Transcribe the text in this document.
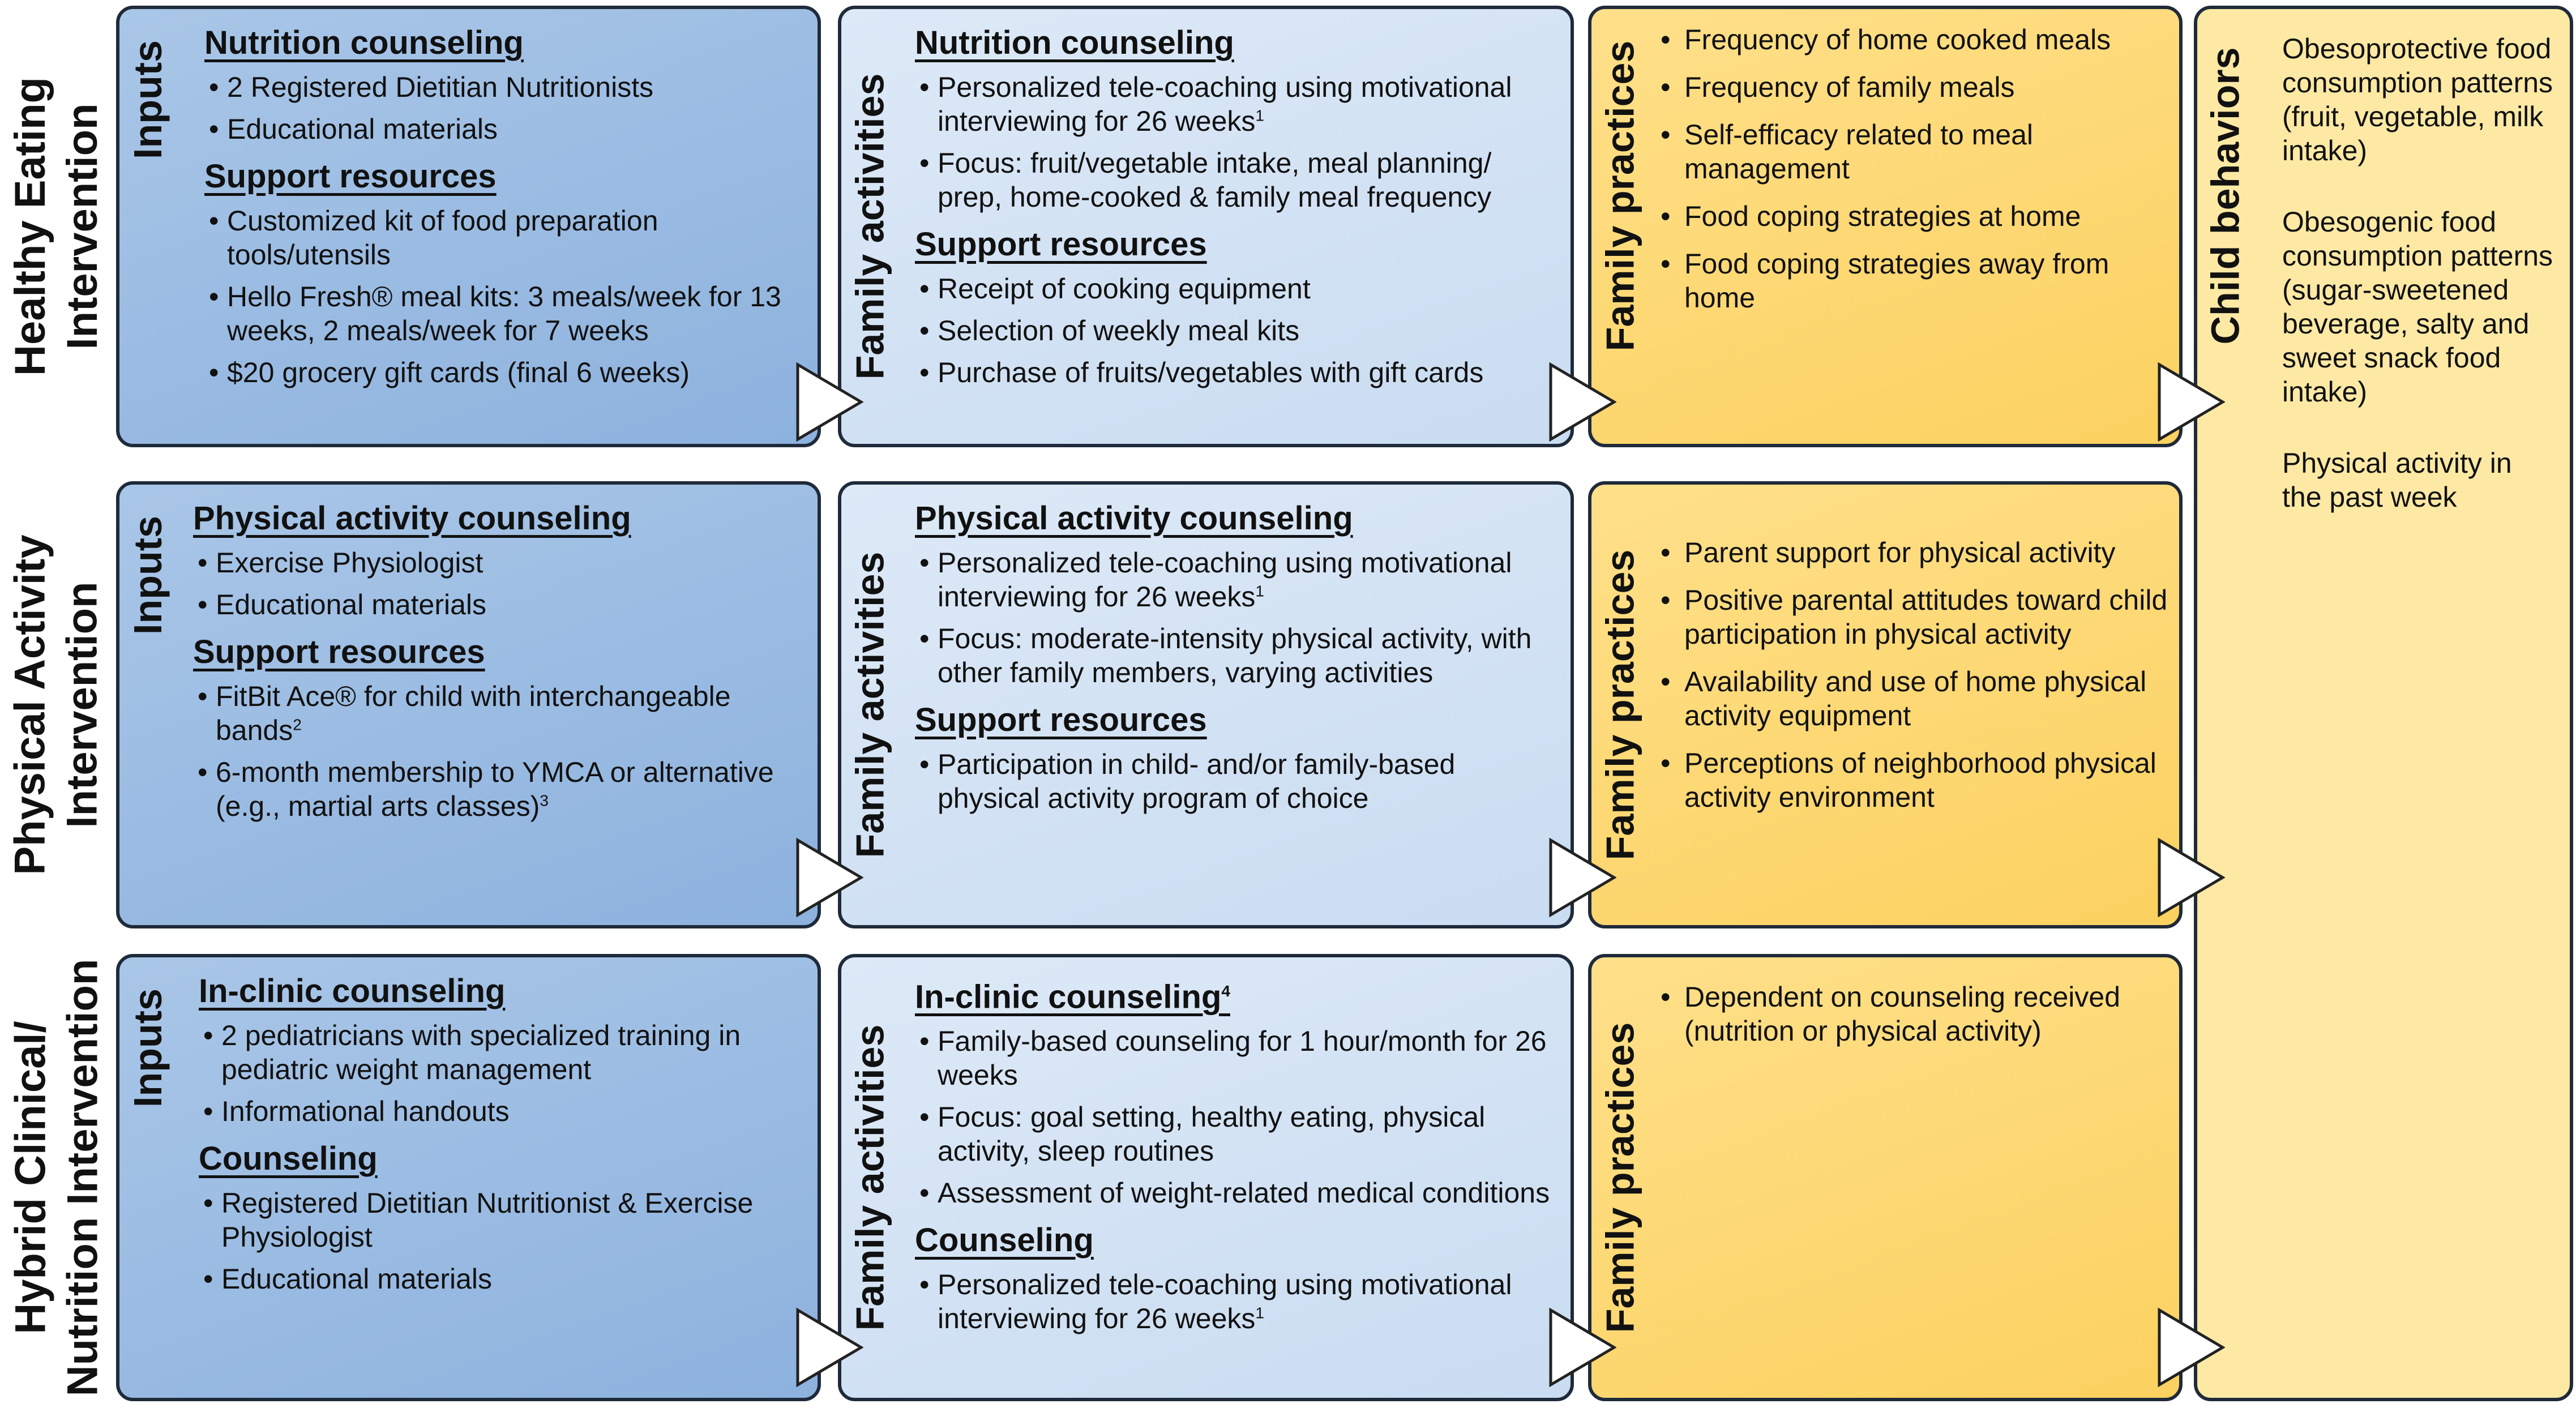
Healthy Eating
Intervention
Inputs Nutrition counseling
• 2 Registered Dietitian Nutritionists
• Educational materials
Support resources
• Customized kit of food preparation tools/utensils
• Hello Fresh® meal kits: 3 meals/week for 13 weeks, 2 meals/week for 7 weeks
• $20 grocery gift cards (final 6 weeks)	Family activities
Nutrition counseling
• Personalized tele-coaching using motivational interviewing for 26 weeks$^1$
• Focus: fruit/vegetable intake, meal planning/ prep, home-cooked & family meal frequency
Support resources
• Receipt of cooking equipment
• Selection of weekly meal kits
• Purchase of fruits/vegetables with gift cards
Family practices
• Frequency of home cooked meals
• Frequency of family meals
• Self-efficacy related to meal management
• Food coping strategies at home
• Food coping strategies away from home
Physical Activity
Intervention
Inputs Physical activity counseling
• Exercise Physiologist
• Educational materials
Support resources
• FitBit Ace® for child with interchangeable bands$^2$
• 6-month membership to YMCA or alternative (e.g., martial arts classes)$^3$	Family activities
Physical activity counseling
• Personalized tele-coaching using motivational interviewing for 26 weeks$^1$
• Focus: moderate-intensity physical activity, with other family members, varying activities
Support resources
• Participation in child- and/or family-based physical activity program of choice	Family practices
•	Parent support for physical activity
• Positive parental attitudes toward child participation in physical activity
• Availability and use of home physical activity equipment
• Perceptions of neighborhood physical activity environment
Hybrid Clinical/
Nutrition Intervention Inputs In-clinic counseling
• 2 pediatricians with specialized training in pediatric weight management
• Informational handouts
Counseling
• Registered Dietitian Nutritionist & Exercise Physiologist
• Educational materials	Family activities
In-clinic counseling$^4$
• Family-based counseling for 1 hour/month for 26 weeks
• Focus: goal setting, healthy eating, physical activity, sleep routines
• Assessment of weight-related medical conditions
Counseling
• Personalized tele-coaching using motivational interviewing for 26 weeks$^1$	Family practices
• Dependent on counseling received (nutrition or physical activity)
Child behaviors Obesoprotective food consumption patterns (fruit, vegetable, milk intake)

Obesogenic food consumption patterns (sugar-sweetened beverage, salty and sweet snack food intake)

Physical activity in the past week
